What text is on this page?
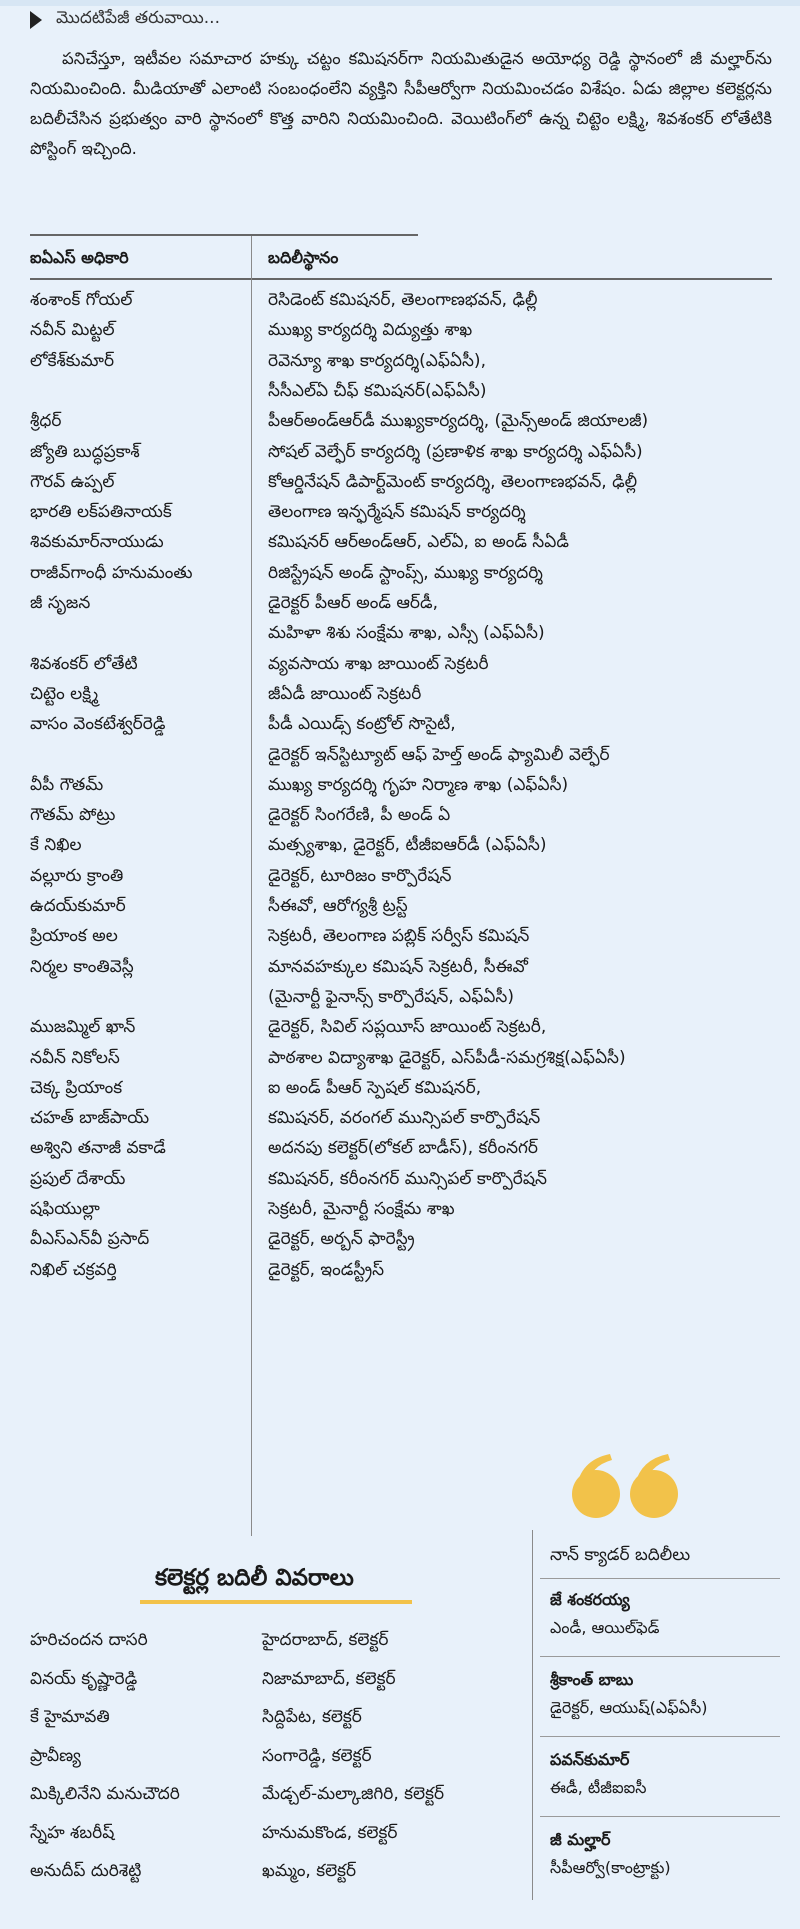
మొదటిపేజీ తరువాయి...

పనిచేస్తూ, ఇటీవల సమాచార హక్కు చట్టం కమిషనర్‌గా నియమితుడైన అయోధ్య రెడ్డి స్థానంలో జీ మల్హార్‌ను నియమించింది. మీడియాతో ఎలాంటి సంబంధంలేని వ్యక్తిని సీపీఆర్వోగా నియమించడం విశేషం. ఏడు జిల్లాల కలెక్టర్లను బదిలీచేసిన ప్రభుత్వం వారి స్థానంలో కొత్త వారిని నియమించింది. వెయిటింగ్‌లో ఉన్న చిట్టెం లక్ష్మి, శివశంకర్ లోతేటికి పోస్టింగ్ ఇచ్చింది.

ఐఏఎస్ అధికారి	బదిలీస్థానం
శంశాంక్ గోయల్	రెసిడెంట్ కమిషనర్, తెలంగాణభవన్, ఢిల్లీ
నవీన్ మిట్టల్	ముఖ్య కార్యదర్శి విద్యుత్తు శాఖ
లోకేశ్‌కుమార్	రెవెన్యూ శాఖ కార్యదర్శి(ఎఫ్ఏసీ),
సీసీఎల్ఏ చీఫ్ కమిషనర్(ఎఫ్ఏసీ)
శ్రీధర్	పీఆర్అండ్ఆర్‌డీ ముఖ్యకార్యదర్శి, (మైన్స్అండ్ జియాలజీ)
జ్యోతి బుద్ధప్రకాశ్	సోషల్ వెల్ఫేర్ కార్యదర్శి (ప్రణాళిక శాఖ కార్యదర్శి ఎఫ్ఏసీ)
గౌరవ్ ఉప్పల్	కోఆర్డినేషన్ డిపార్ట్‌మెంట్ కార్యదర్శి, తెలంగాణభవన్, ఢిల్లీ
భారతి లక్‌పతినాయక్	తెలంగాణ ఇన్ఫర్మేషన్ కమిషన్ కార్యదర్శి
శివకుమార్‌నాయుడు	కమిషనర్ ఆర్అండ్ఆర్, ఎల్ఏ, ఐ అండ్ సీఏడీ
రాజీవ్‌గాంధీ హనుమంతు	రిజిస్ట్రేషన్ అండ్ స్టాంప్స్, ముఖ్య కార్యదర్శి
జీ సృజన	డైరెక్టర్ పీఆర్ అండ్ ఆర్‌డీ,
మహిళా శిశు సంక్షేమ శాఖ, ఎస్సీ (ఎఫ్ఏసీ)
శివశంకర్ లోతేటి	వ్యవసాయ శాఖ జాయింట్ సెక్రటరీ
చిట్టెం లక్ష్మి	జీఏడీ జాయింట్ సెక్రటరీ
వాసం వెంకటేశ్వర్‌రెడ్డి	పీడీ ఎయిడ్స్ కంట్రోల్ సొసైటీ,
డైరెక్టర్ ఇన్‌స్టిట్యూట్ ఆఫ్ హెల్త్ అండ్ ఫ్యామిలీ వెల్ఫేర్
వీపీ గౌతమ్	ముఖ్య కార్యదర్శి గృహ నిర్మాణ శాఖ (ఎఫ్ఏసీ)
గౌతమ్ పోట్రు	డైరెక్టర్ సింగరేణి, పీ అండ్ ఏ
కే నిఖిల	మత్స్యశాఖ, డైరెక్టర్, టీజీఐఆర్‌డీ (ఎఫ్ఏసీ)
వల్లూరు క్రాంతి	డైరెక్టర్, టూరిజం కార్పొరేషన్
ఉదయ్‌కుమార్	సీఈవో, ఆరోగ్యశ్రీ ట్రస్ట్
ప్రియాంక అల	సెక్రటరీ, తెలంగాణ పబ్లిక్ సర్వీస్ కమిషన్
నిర్మల కాంతివెస్లీ	మానవహక్కుల కమిషన్ సెక్రటరీ, సీఈవో
(మైనార్టీ ఫైనాన్స్ కార్పొరేషన్, ఎఫ్ఏసీ)
ముజమ్మిల్ ఖాన్	డైరెక్టర్, సివిల్ సప్లయీస్ జాయింట్ సెక్రటరీ,
నవీన్ నికోలస్	పాఠశాల విద్యాశాఖ డైరెక్టర్, ఎస్‌పీడీ-సమగ్రశిక్ష(ఎఫ్ఏసీ)
చెక్క ప్రియాంక	ఐ అండ్ పీఆర్ స్పెషల్ కమిషనర్,
చహత్ బాజ్‌పాయ్	కమిషనర్, వరంగల్ మున్సిపల్ కార్పొరేషన్
అశ్విని తనాజీ వకాడే	అదనపు కలెక్టర్(లోకల్ బాడీస్), కరీంనగర్
ప్రపుల్ దేశాయ్	కమిషనర్, కరీంనగర్ మున్సిపల్ కార్పొరేషన్
షఫియుల్లా	సెక్రటరీ, మైనార్టీ సంక్షేమ శాఖ
వీఎస్ఎన్‌వీ ప్రసాద్	డైరెక్టర్, అర్బన్ ఫారెస్ట్రీ
నిఖిల్ చక్రవర్తి	డైరెక్టర్, ఇండస్ట్రీస్
కలెక్టర్ల బదిలీ వివరాలు
హరిచందన దాసరి	హైదరాబాద్, కలెక్టర్
వినయ్ కృష్ణారెడ్డి	నిజామాబాద్, కలెక్టర్
కే హైమావతి	సిద్దిపేట, కలెక్టర్
ప్రావీణ్య	సంగారెడ్డి, కలెక్టర్
మిక్కిలినేని మనుచౌదరి	మేడ్చల్-మల్కాజిగిరి, కలెక్టర్
స్నేహ శబరీష్	హనుమకొండ, కలెక్టర్
అనుదీప్ దురిశెట్టి	ఖమ్మం, కలెక్టర్
నాన్ క్యాడర్ బదిలీలు
జే శంకరయ్య
ఎండీ, ఆయిల్‌ఫెడ్
శ్రీకాంత్ బాబు
డైరెక్టర్, ఆయుష్(ఎఫ్ఏసీ)
పవన్‌కుమార్
ఈడీ, టీజీఐఐసీ
జీ మల్హార్
సీపీఆర్వో(కాంట్రాక్టు)
